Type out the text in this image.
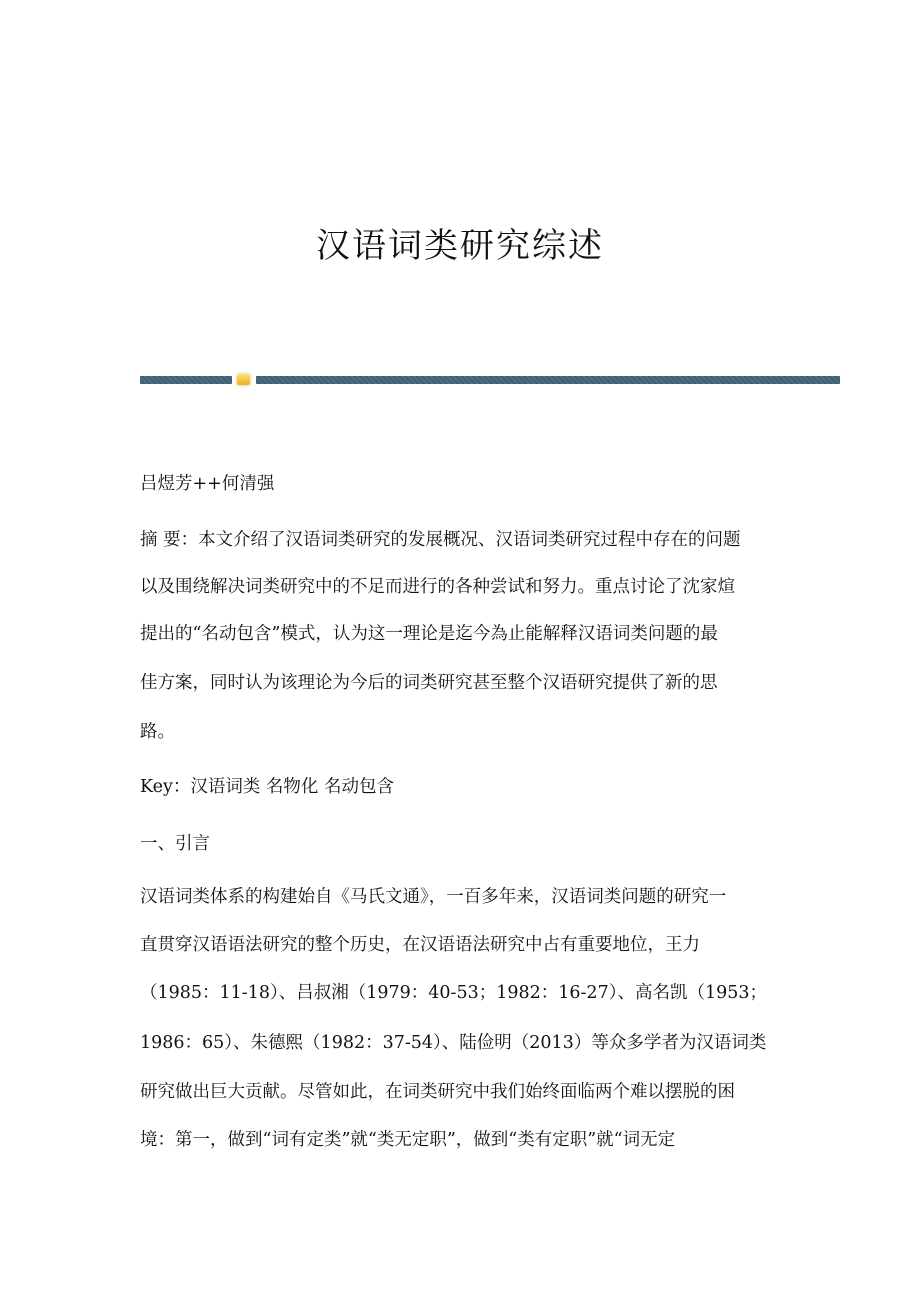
汉语词类研究综述
吕煜芳++何清强
摘 要：本文介绍了汉语词类研究的发展概况、汉语词类研究过程中存在的问题
以及围绕解决词类研究中的不足而进行的各种尝试和努力。重点讨论了沈家煊
提出的“名动包含”模式，认为这一理论是迄今為止能解释汉语词类问题的最
佳方案，同时认为该理论为今后的词类研究甚至整个汉语研究提供了新的思
路。
Key：汉语词类 名物化 名动包含
一、引言
汉语词类体系的构建始自《马氏文通》，一百多年来，汉语词类问题的研究一
直贯穿汉语语法研究的整个历史，在汉语语法研究中占有重要地位，王力
（1985：11-18）、吕叔湘（1979：40-53；1982：16-27）、高名凯（1953；
1986：65）、朱德熙（1982：37-54）、陆俭明（2013）等众多学者为汉语词类
研究做出巨大贡献。尽管如此，在词类研究中我们始终面临两个难以摆脱的困
境：第一，做到“词有定类”就“类无定职”，做到“类有定职”就“词无定
